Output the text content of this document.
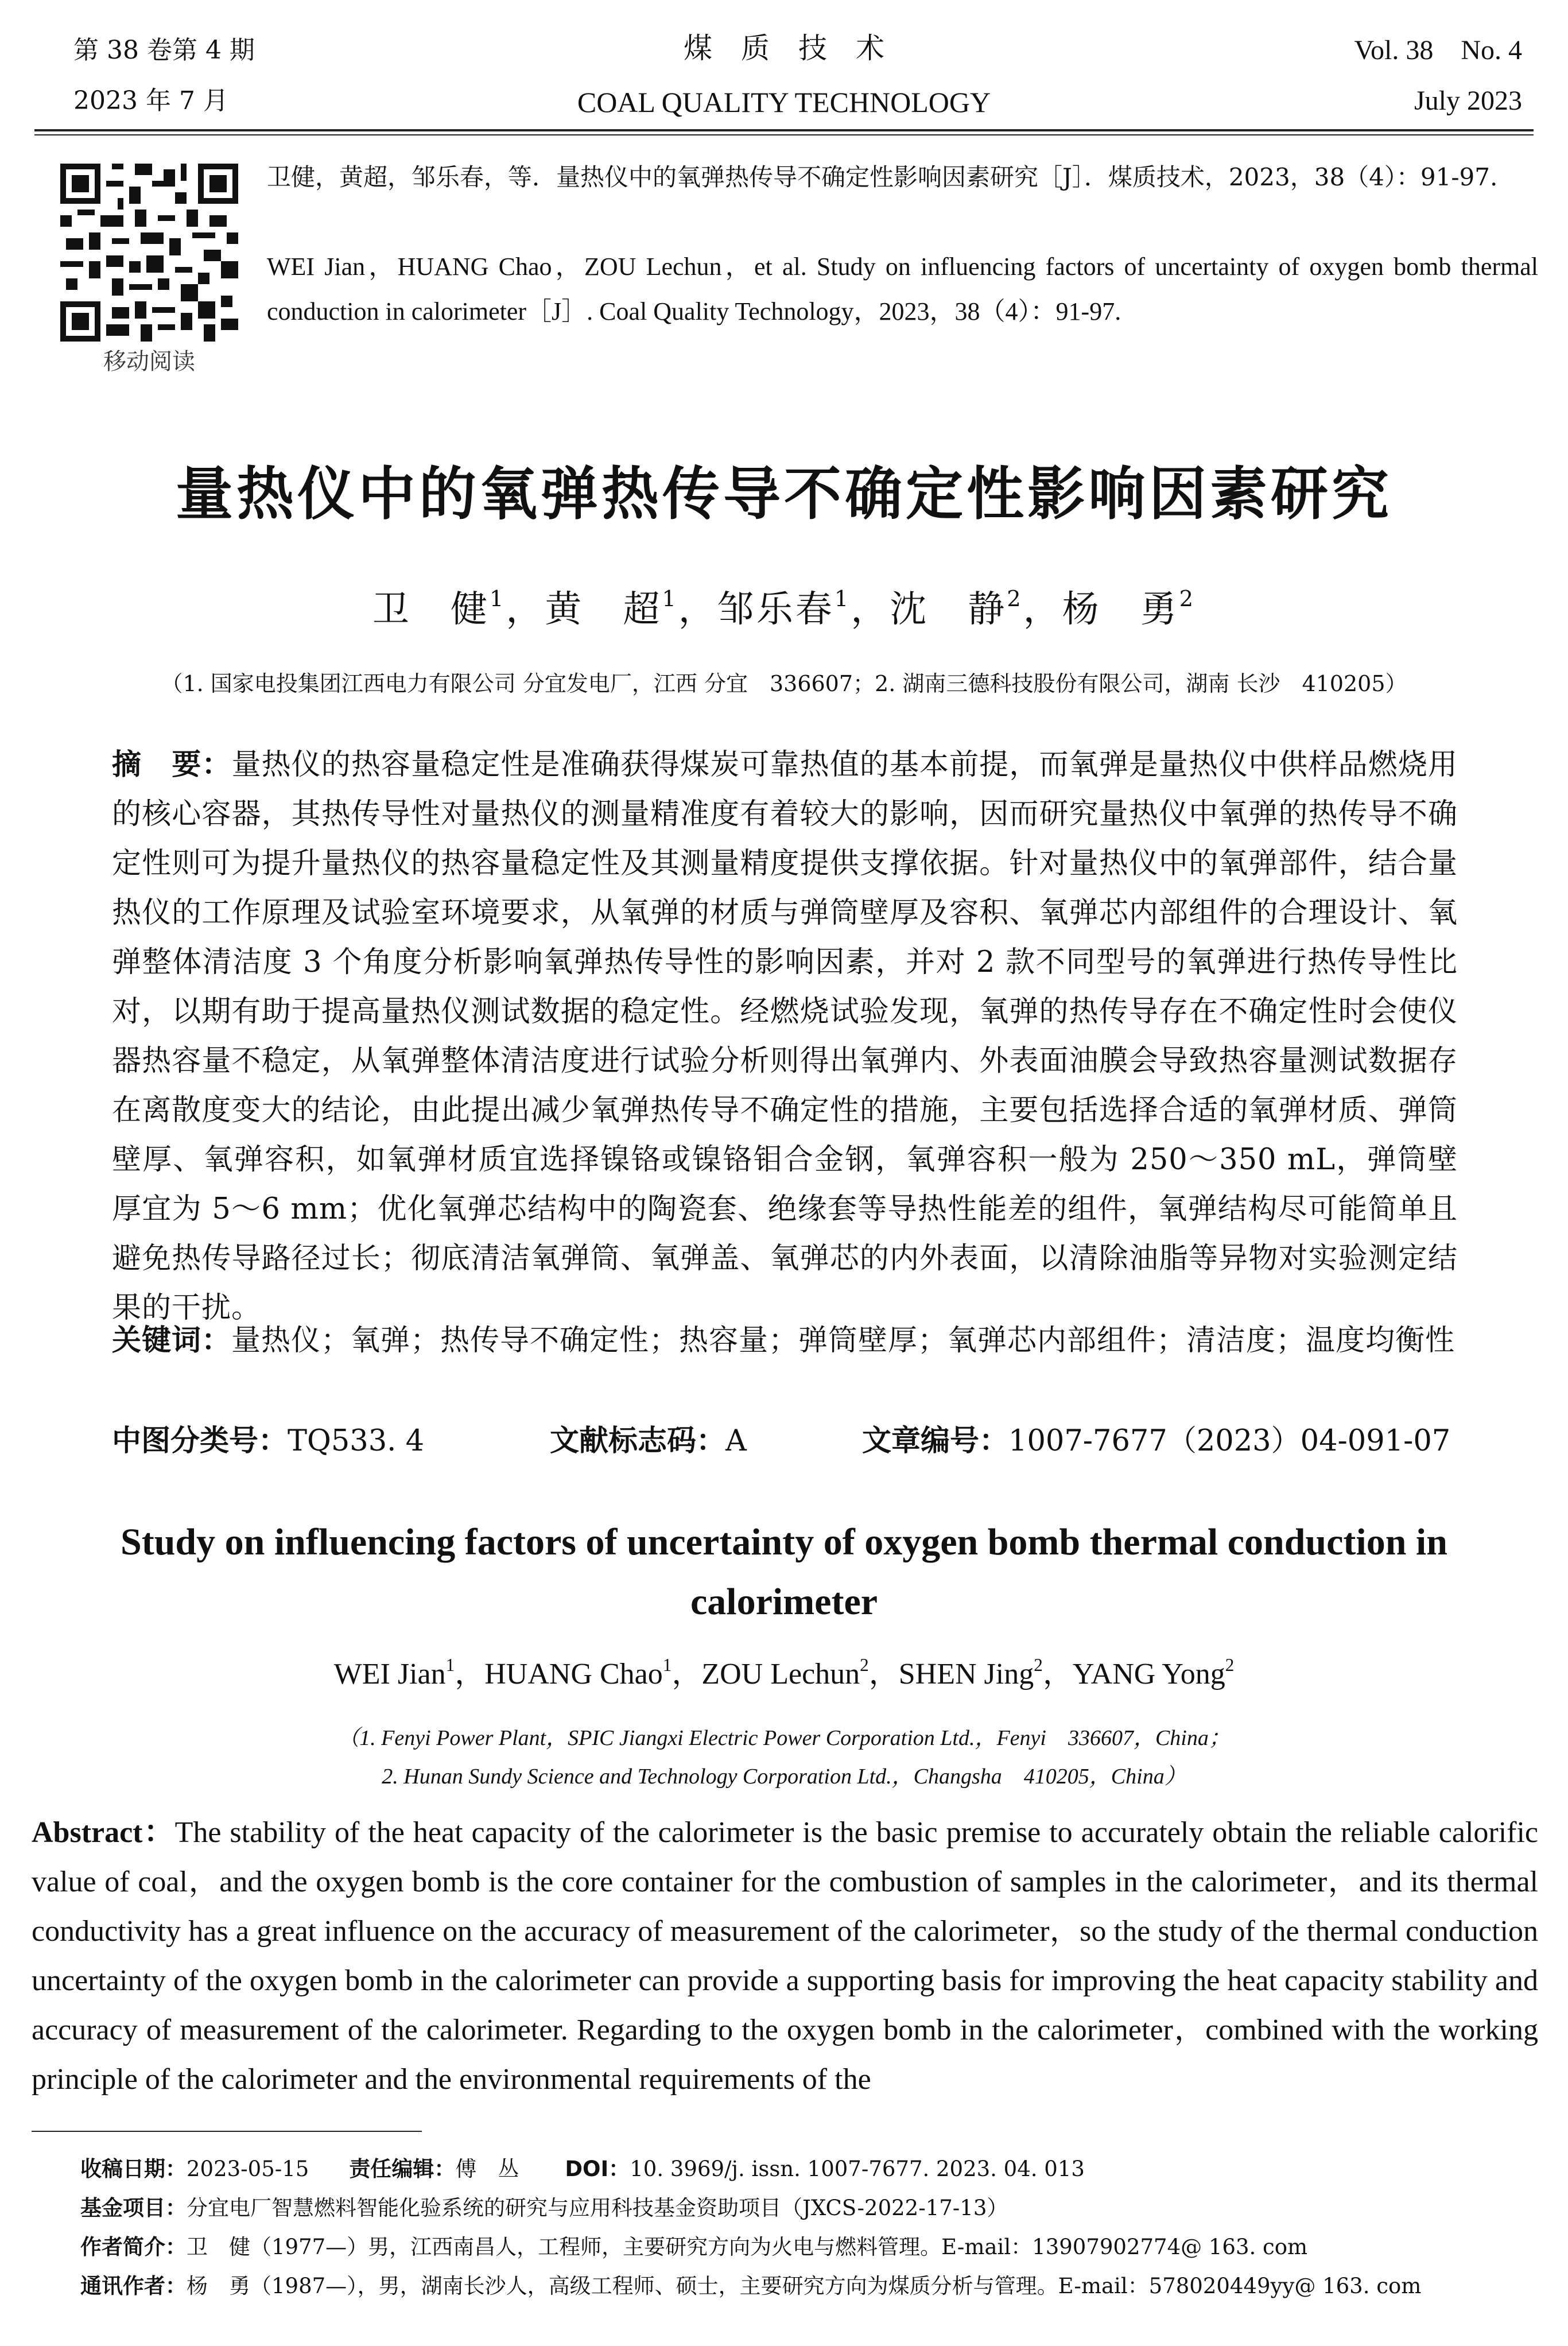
第 38 卷第 4 期
2023 年 7 月
煤　质　技　术
COAL QUALITY TECHNOLOGY
Vol. 38　No. 4
July 2023
移动阅读
卫健，黄超，邹乐春，等．量热仪中的氧弹热传导不确定性影响因素研究［J］．煤质技术，2023，38（4）：91-97.
WEI Jian，HUANG Chao，ZOU Lechun，et al. Study on influencing factors of uncertainty of oxygen bomb thermal conduction in calorimeter［J］. Coal Quality Technology，2023，38（4）：91-97.
量热仪中的氧弹热传导不确定性影响因素研究
卫　健$^1$，黄　超$^1$，邹乐春$^1$，沈　静$^2$，杨　勇$^2$
（1. 国家电投集团江西电力有限公司 分宜发电厂，江西 分宜　336607；2. 湖南三德科技股份有限公司，湖南 长沙　410205）
摘　要：量热仪的热容量稳定性是准确获得煤炭可靠热值的基本前提，而氧弹是量热仪中供样品燃烧用的核心容器，其热传导性对量热仪的测量精准度有着较大的影响，因而研究量热仪中氧弹的热传导不确定性则可为提升量热仪的热容量稳定性及其测量精度提供支撑依据。针对量热仪中的氧弹部件，结合量热仪的工作原理及试验室环境要求，从氧弹的材质与弹筒壁厚及容积、氧弹芯内部组件的合理设计、氧弹整体清洁度 3 个角度分析影响氧弹热传导性的影响因素，并对 2 款不同型号的氧弹进行热传导性比对，以期有助于提高量热仪测试数据的稳定性。经燃烧试验发现，氧弹的热传导存在不确定性时会使仪器热容量不稳定，从氧弹整体清洁度进行试验分析则得出氧弹内、外表面油膜会导致热容量测试数据存在离散度变大的结论，由此提出减少氧弹热传导不确定性的措施，主要包括选择合适的氧弹材质、弹筒壁厚、氧弹容积，如氧弹材质宜选择镍铬或镍铬钼合金钢，氧弹容积一般为 250～350 mL，弹筒壁厚宜为 5～6 mm；优化氧弹芯结构中的陶瓷套、绝缘套等导热性能差的组件，氧弹结构尽可能简单且避免热传导路径过长；彻底清洁氧弹筒、氧弹盖、氧弹芯的内外表面，以清除油脂等异物对实验测定结果的干扰。
关键词：量热仪；氧弹；热传导不确定性；热容量；弹筒壁厚；氧弹芯内部组件；清洁度；温度均衡性
中图分类号：TQ533. 4	文献标志码：A	文章编号：1007-7677（2023）04-091-07
Study on influencing factors of uncertainty of oxygen bomb thermal conduction in calorimeter
WEI Jian$^1$，HUANG Chao$^1$，ZOU Lechun$^2$，SHEN Jing$^2$，YANG Yong$^2$
（1. Fenyi Power Plant，SPIC Jiangxi Electric Power Corporation Ltd.，Fenyi　336607，China；
2. Hunan Sundy Science and Technology Corporation Ltd.，Changsha　410205，China）
Abstract：The stability of the heat capacity of the calorimeter is the basic premise to accurately obtain the reliable calorific value of coal，and the oxygen bomb is the core container for the combustion of samples in the calorimeter，and its thermal conductivity has a great influence on the accuracy of measurement of the calorimeter，so the study of the thermal conduction uncertainty of the oxygen bomb in the calorimeter can provide a supporting basis for improving the heat capacity stability and accuracy of measurement of the calorimeter. Regarding to the oxygen bomb in the calorimeter，combined with the working principle of the calorimeter and the environmental requirements of the
收稿日期：2023-05-15 责任编辑：傅　丛 DOI：10. 3969/j. issn. 1007-7677. 2023. 04. 013
基金项目：分宜电厂智慧燃料智能化验系统的研究与应用科技基金资助项目（JXCS-2022-17-13）
作者简介：卫　健（1977—）男，江西南昌人，工程师，主要研究方向为火电与燃料管理。E-mail：13907902774@ 163. com
通讯作者：杨　勇（1987—），男，湖南长沙人，高级工程师、硕士，主要研究方向为煤质分析与管理。E-mail：578020449yy@ 163. com
